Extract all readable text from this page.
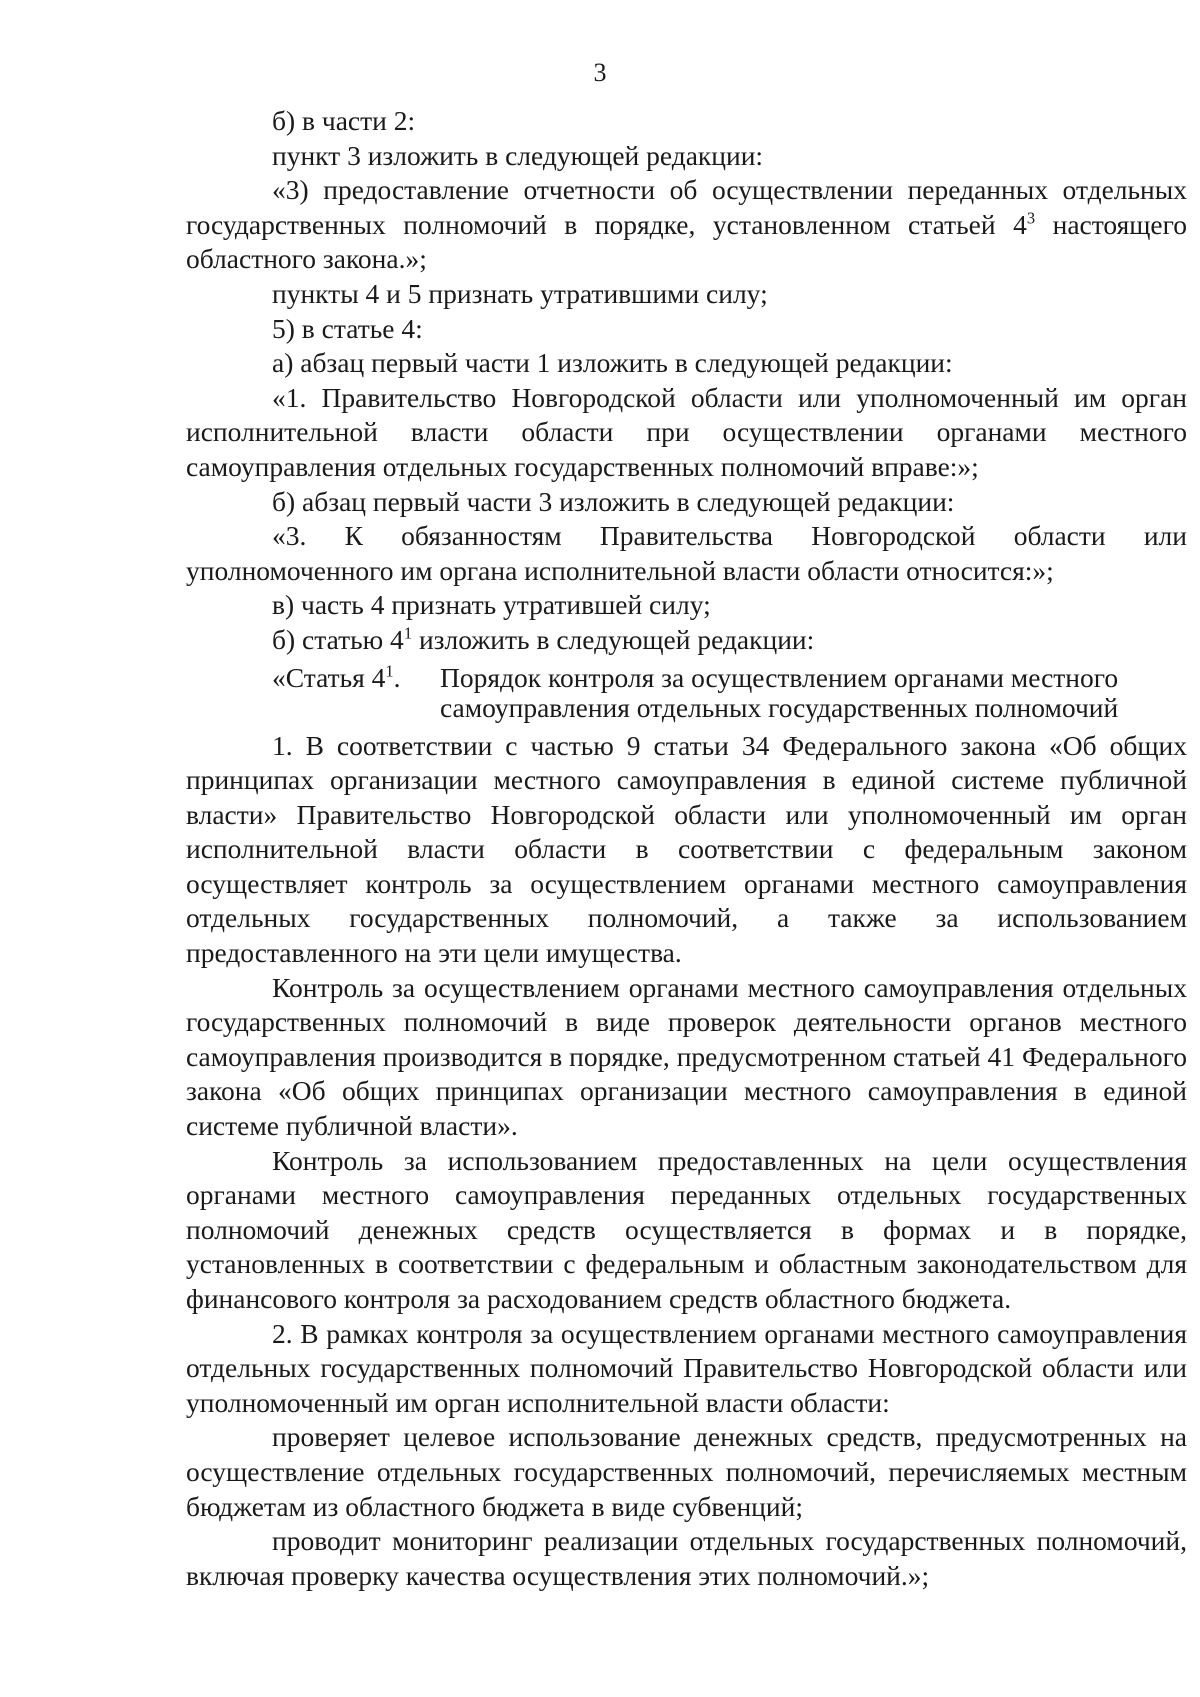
3

б) в части 2:

пункт 3 изложить в следующей редакции:

«3) предоставление отчетности об осуществлении переданных отдельных государственных полномочий в порядке, установленном статьей $4^3$ настоящего областного закона.»;

пункты 4 и 5 признать утратившими силу;

5) в статье 4:

а) абзац первый части 1 изложить в следующей редакции:

«1. Правительство Новгородской области или уполномоченный им орган исполнительной власти области при осуществлении органами местного самоуправления отдельных государственных полномочий вправе:»;

б) абзац первый части 3 изложить в следующей редакции:

«3. К обязанностям Правительства Новгородской области или уполномоченного им органа исполнительной власти области относится:»;

в) часть 4 признать утратившей силу;

б) статью $4^1$ изложить в следующей редакции:

«Статья $4^1$.	Порядок контроля за осуществлением органами местного самоуправления отдельных государственных полномочий

1. В соответствии с частью 9 статьи 34 Федерального закона «Об общих принципах организации местного самоуправления в единой системе публичной власти» Правительство Новгородской области или уполномоченный им орган исполнительной власти области в соответствии с федеральным законом осуществляет контроль за осуществлением органами местного самоуправления отдельных государственных полномочий, а также за использованием предоставленного на эти цели имущества.

Контроль за осуществлением органами местного самоуправления отдельных государственных полномочий в виде проверок деятельности органов местного самоуправления производится в порядке, предусмотренном статьей 41 Федерального закона «Об общих принципах организации местного самоуправления в единой системе публичной власти».

Контроль за использованием предоставленных на цели осуществления органами местного самоуправления переданных отдельных государственных полномочий денежных средств осуществляется в формах и в порядке, установленных в соответствии с федеральным и областным законодательством для финансового контроля за расходованием средств областного бюджета.

2. В рамках контроля за осуществлением органами местного самоуправления отдельных государственных полномочий Правительство Новгородской области или уполномоченный им орган исполнительной власти области:

проверяет целевое использование денежных средств, предусмотренных на осуществление отдельных государственных полномочий, перечисляемых местным бюджетам из областного бюджета в виде субвенций;

проводит мониторинг реализации отдельных государственных полномочий, включая проверку качества осуществления этих полномочий.»;
